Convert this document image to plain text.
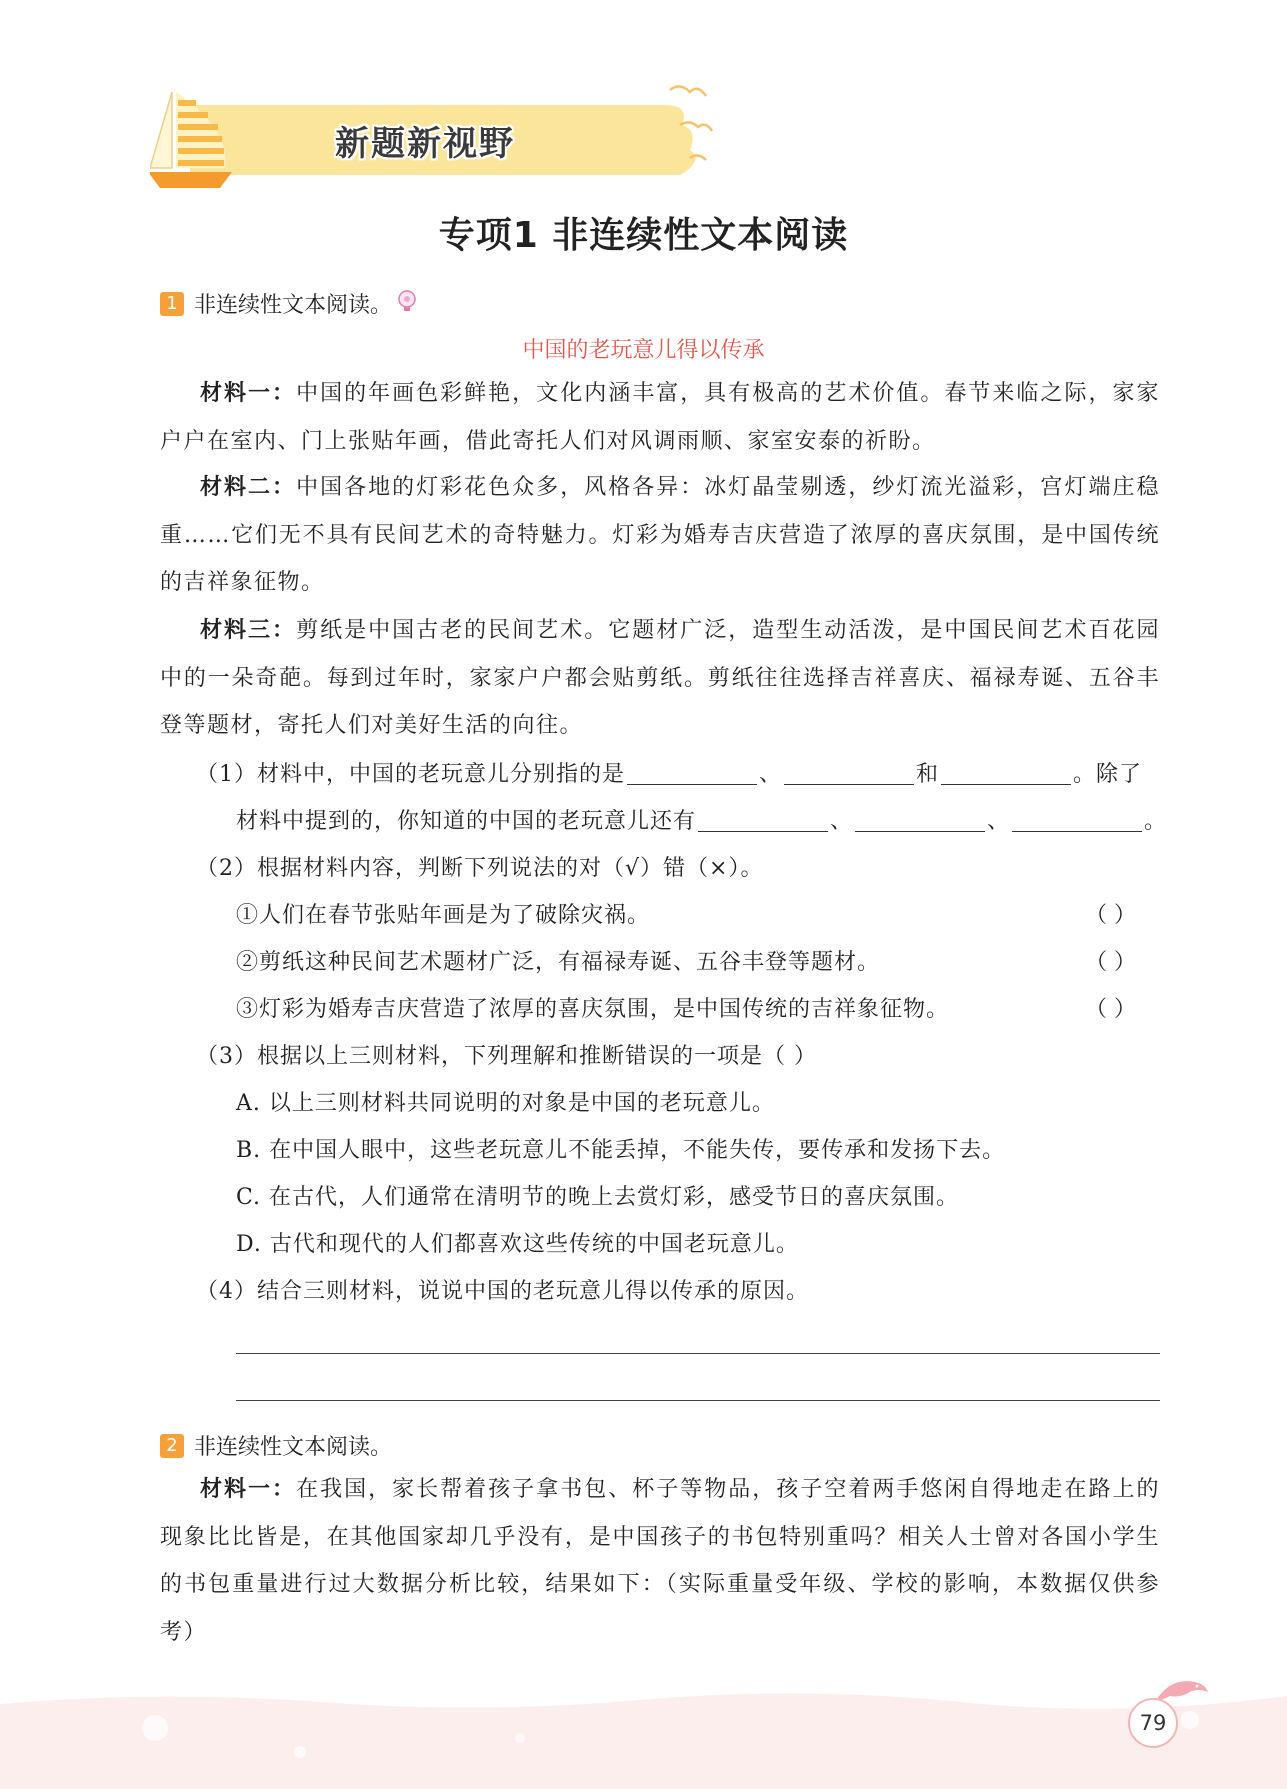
新题新视野
专项1 非连续性文本阅读
1 非连续性文本阅读。
中国的老玩意儿得以传承
材料一：中国的年画色彩鲜艳，文化内涵丰富，具有极高的艺术价值。春节来临之际，家家户户在室内、门上张贴年画，借此寄托人们对风调雨顺、家室安泰的祈盼。
材料二：中国各地的灯彩花色众多，风格各异：冰灯晶莹剔透，纱灯流光溢彩，宫灯端庄稳重……它们无不具有民间艺术的奇特魅力。灯彩为婚寿吉庆营造了浓厚的喜庆氛围，是中国传统的吉祥象征物。
材料三：剪纸是中国古老的民间艺术。它题材广泛，造型生动活泼，是中国民间艺术百花园中的一朵奇葩。每到过年时，家家户户都会贴剪纸。剪纸往往选择吉祥喜庆、福禄寿诞、五谷丰登等题材，寄托人们对美好生活的向往。
（1）材料中，中国的老玩意儿分别指的是	、	和	。除了
材料中提到的，你知道的中国的老玩意儿还有	、	、	。
（2）根据材料内容，判断下列说法的对（√）错（×）。
①人们在春节张贴年画是为了破除灾祸。	（ ）
②剪纸这种民间艺术题材广泛，有福禄寿诞、五谷丰登等题材。	（ ）
③灯彩为婚寿吉庆营造了浓厚的喜庆氛围，是中国传统的吉祥象征物。	（ ）
（3）根据以上三则材料，下列理解和推断错误的一项是（ ）
A. 以上三则材料共同说明的对象是中国的老玩意儿。
B. 在中国人眼中，这些老玩意儿不能丢掉，不能失传，要传承和发扬下去。
C. 在古代，人们通常在清明节的晚上去赏灯彩，感受节日的喜庆氛围。
D. 古代和现代的人们都喜欢这些传统的中国老玩意儿。
（4）结合三则材料，说说中国的老玩意儿得以传承的原因。
2 非连续性文本阅读。
材料一：在我国，家长帮着孩子拿书包、杯子等物品，孩子空着两手悠闲自得地走在路上的现象比比皆是，在其他国家却几乎没有，是中国孩子的书包特别重吗？相关人士曾对各国小学生的书包重量进行过大数据分析比较，结果如下：（实际重量受年级、学校的影响，本数据仅供参考）
79
